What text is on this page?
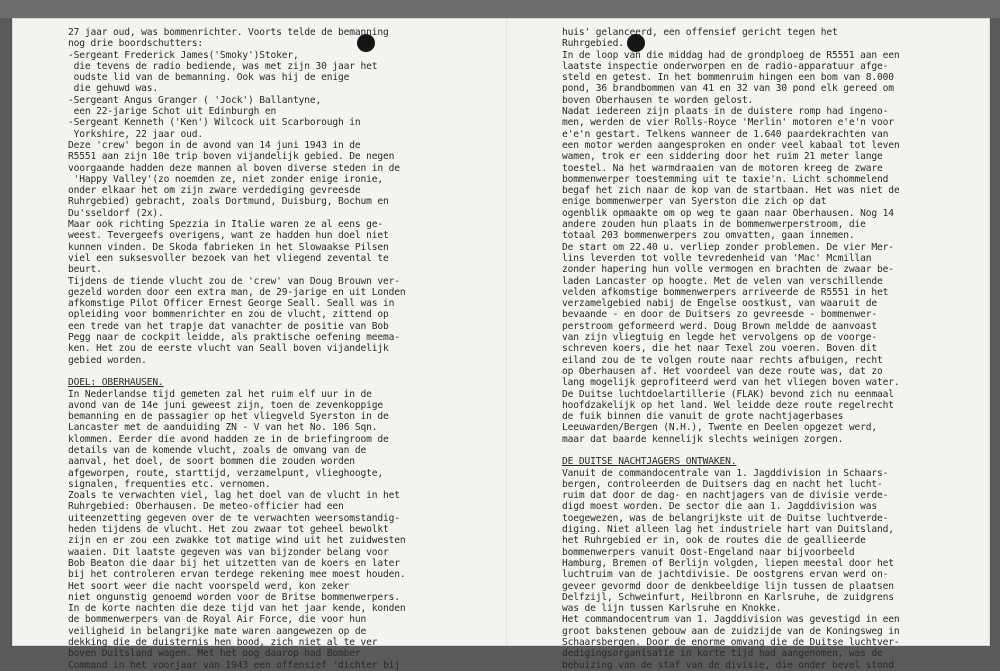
27 jaar oud, was bommenrichter. Voorts telde de bemanning
nog drie boordschutters:
-Sergeant Frederick James('Smoky')Stoker,
die tevens de radio bediende, was met zijn 30 jaar het
oudste lid van de bemanning. Ook was hij de enige
die gehuwd was.
-Sergeant Angus Granger ( 'Jock') Ballantyne,
een 22-jarige Schot uit Edinburgh en
-Sergeant Kenneth ('Ken') Wilcock uit Scarborough in
Yorkshire, 22 jaar oud.
Deze 'crew' begon in de avond van 14 juni 1943 in de
R5551 aan zijn 10e trip boven vijandelijk gebied. De negen
voorgaande hadden deze mannen al boven diverse steden in de
'Happy Valley'(zo noemden ze, niet zonder enige ironie,
onder elkaar het om zijn zware verdediging gevreesde
Ruhrgebied) gebracht, zoals Dortmund, Duisburg, Bochum en
Du'sseldorf (2x).
Maar ook richting Spezzia in Italie waren ze al eens ge-
weest. Tevergeefs overigens, want ze hadden hun doel niet
kunnen vinden. De Skoda fabrieken in het Slowaakse Pilsen
viel een suksesvoller bezoek van het vliegend zevental te
beurt.
Tijdens de tiende vlucht zou de 'crew' van Doug Brouwn ver-
gezeld worden door een extra man, de 29-jarige en uit Londen
afkomstige Pilot Officer Ernest George Seall. Seall was in
opleiding voor bommenrichter en zou de vlucht, zittend op
een trede van het trapje dat vanachter de positie van Bob
Pegg naar de cockpit leidde, als praktische oefening meema-
ken. Het zou de eerste vlucht van Seall boven vijandelijk
gebied worden.

DOEL: OBERHAUSEN.
In Nederlandse tijd gemeten zal het ruim elf uur in de
avond van de 14e juni geweest zijn, toen de zevenkoppige
bemanning en de passagier op het vliegveld Syerston in de
Lancaster met de aanduiding ZN - V van het No. 106 Sqn.
klommen. Eerder die avond hadden ze in de briefingroom de
details van de komende vlucht, zoals de omvang van de
aanval, het doel, de soort bommen die zouden worden
afgeworpen, route, starttijd, verzamelpunt, vlieghoogte,
signalen, frequenties etc. vernomen.
Zoals te verwachten viel, lag het doel van de vlucht in het
Ruhrgebied: Oberhausen. De meteo-officier had een
uiteenzetting gegeven over de te verwachten weersomstandig-
heden tijdens de vlucht. Het zou zwaar tot geheel bewolkt
zijn en er zou een zwakke tot matige wind uit het zuidwesten
waaien. Dit laatste gegeven was van bijzonder belang voor
Bob Beaton die daar bij het uitzetten van de koers en later
bij het controleren ervan terdege rekening mee moest houden.
Het soort weer die nacht voorspeld werd, kon zeker
niet ongunstig genoemd worden voor de Britse bommenwerpers.
In de korte nachten die deze tijd van het jaar kende, konden
de bommenwerpers van de Royal Air Force, die voor hun
veiligheid in belangrijke mate waren aangewezen op de
dekking die de duisternis hen bood, zich niet al te ver
boven Duitsland wagen. Met het oog daarop had Bomber
Command in het voorjaar van 1943 een offensief 'dichter bij
huis' gelanceerd, een offensief gericht tegen het
Ruhrgebied.
In de loop van die middag had de grondploeg de R5551 aan een
laatste inspectie onderworpen en de radio-apparatuur afge-
steld en getest. In het bommenruim hingen een bom van 8.000
pond, 36 brandbommen van 41 en 32 van 30 pond elk gereed om
boven Oberhausen te worden gelost.
Nadat iedereen zijn plaats in de duistere romp had ingeno-
men, werden de vier Rolls-Royce 'Merlin' motoren e'e'n voor
e'e'n gestart. Telkens wanneer de 1.640 paardekrachten van
een motor werden aangesproken en onder veel kabaal tot leven
wamen, trok er een siddering door het ruim 21 meter lange
toestel. Na het warmdraaien van de motoren kreeg de zware
bommenwerper toestemming uit te taxie'n. Licht schommelend
begaf het zich naar de kop van de startbaan. Het was niet de
enige bommenwerper van Syerston die zich op dat
ogenblik opmaakte om op weg te gaan naar Oberhausen. Nog 14
andere zouden hun plaats in de bommenwerperstroom, die
totaal 203 bommenwerpers zou omvatten, gaan innemen.
De start om 22.40 u. verliep zonder problemen. De vier Mer-
lins leverden tot volle tevredenheid van 'Mac' Mcmillan
zonder hapering hun volle vermogen en brachten de zwaar be-
laden Lancaster op hoogte. Met de velen van verschillende
velden afkomstige bommenwerpers arriveerde de R5551 in het
verzamelgebied nabij de Engelse oostkust, van waaruit de
bevaande - en door de Duitsers zo gevreesde - bommenwer-
perstroom geformeerd werd. Doug Brown meldde de aanvoast
van zijn vliegtuig en legde het vervolgens op de voorge-
schreven koers, die het naar Texel zou voeren. Boven dit
eiland zou de te volgen route naar rechts afbuigen, recht
op Oberhausen af. Het voordeel van deze route was, dat zo
lang mogelijk geprofiteerd werd van het vliegen boven water.
De Duitse luchtdoelartillerie (FLAK) bevond zich nu eenmaal
hoofdzakelijk op het land. Wel leidde deze route regelrecht
de fuik binnen die vanuit de grote nachtjagerbases
Leeuwarden/Bergen (N.H.), Twente en Deelen opgezet werd,
maar dat baarde kennelijk slechts weinigen zorgen.

DE DUITSE NACHTJAGERS ONTWAKEN.
Vanuit de commandocentrale van 1. Jagddivision in Schaars-
bergen, controleerden de Duitsers dag en nacht het lucht-
ruim dat door de dag- en nachtjagers van de divisie verde-
digd moest worden. De sector die aan 1. Jagddivision was
toegewezen, was de belangrijkste uit de Duitse luchtverde-
diging. Niet alleen lag het industriele hart van Duitsland,
het Ruhrgebied er in, ook de routes die de geallieerde
bommenwerpers vanuit Oost-Engeland naar bijvoorbeeld
Hamburg, Bremen of Berlijn volgden, liepen meestal door het
luchtruim van de jachtdivisie. De oostgrens ervan werd on-
geveer gevormd door de denkbeeldige lijn tussen de plaatsen
Delfzijl, Schweinfurt, Heilbronn en Karlsruhe, de zuidgrens
was de lijn tussen Karlsruhe en Knokke.
Het commandocentrum van 1. Jagddivision was gevestigd in een
groot bakstenen gebouw aan de zuidzijde van de Koningsweg in
Schaarsbergen. Door de enorme omvang die de Duitse luchtver-
dedigingsorganisatie in korte tijd had aangenomen, was de
behuizing van de staf van de divisie, die onder bevel stond
